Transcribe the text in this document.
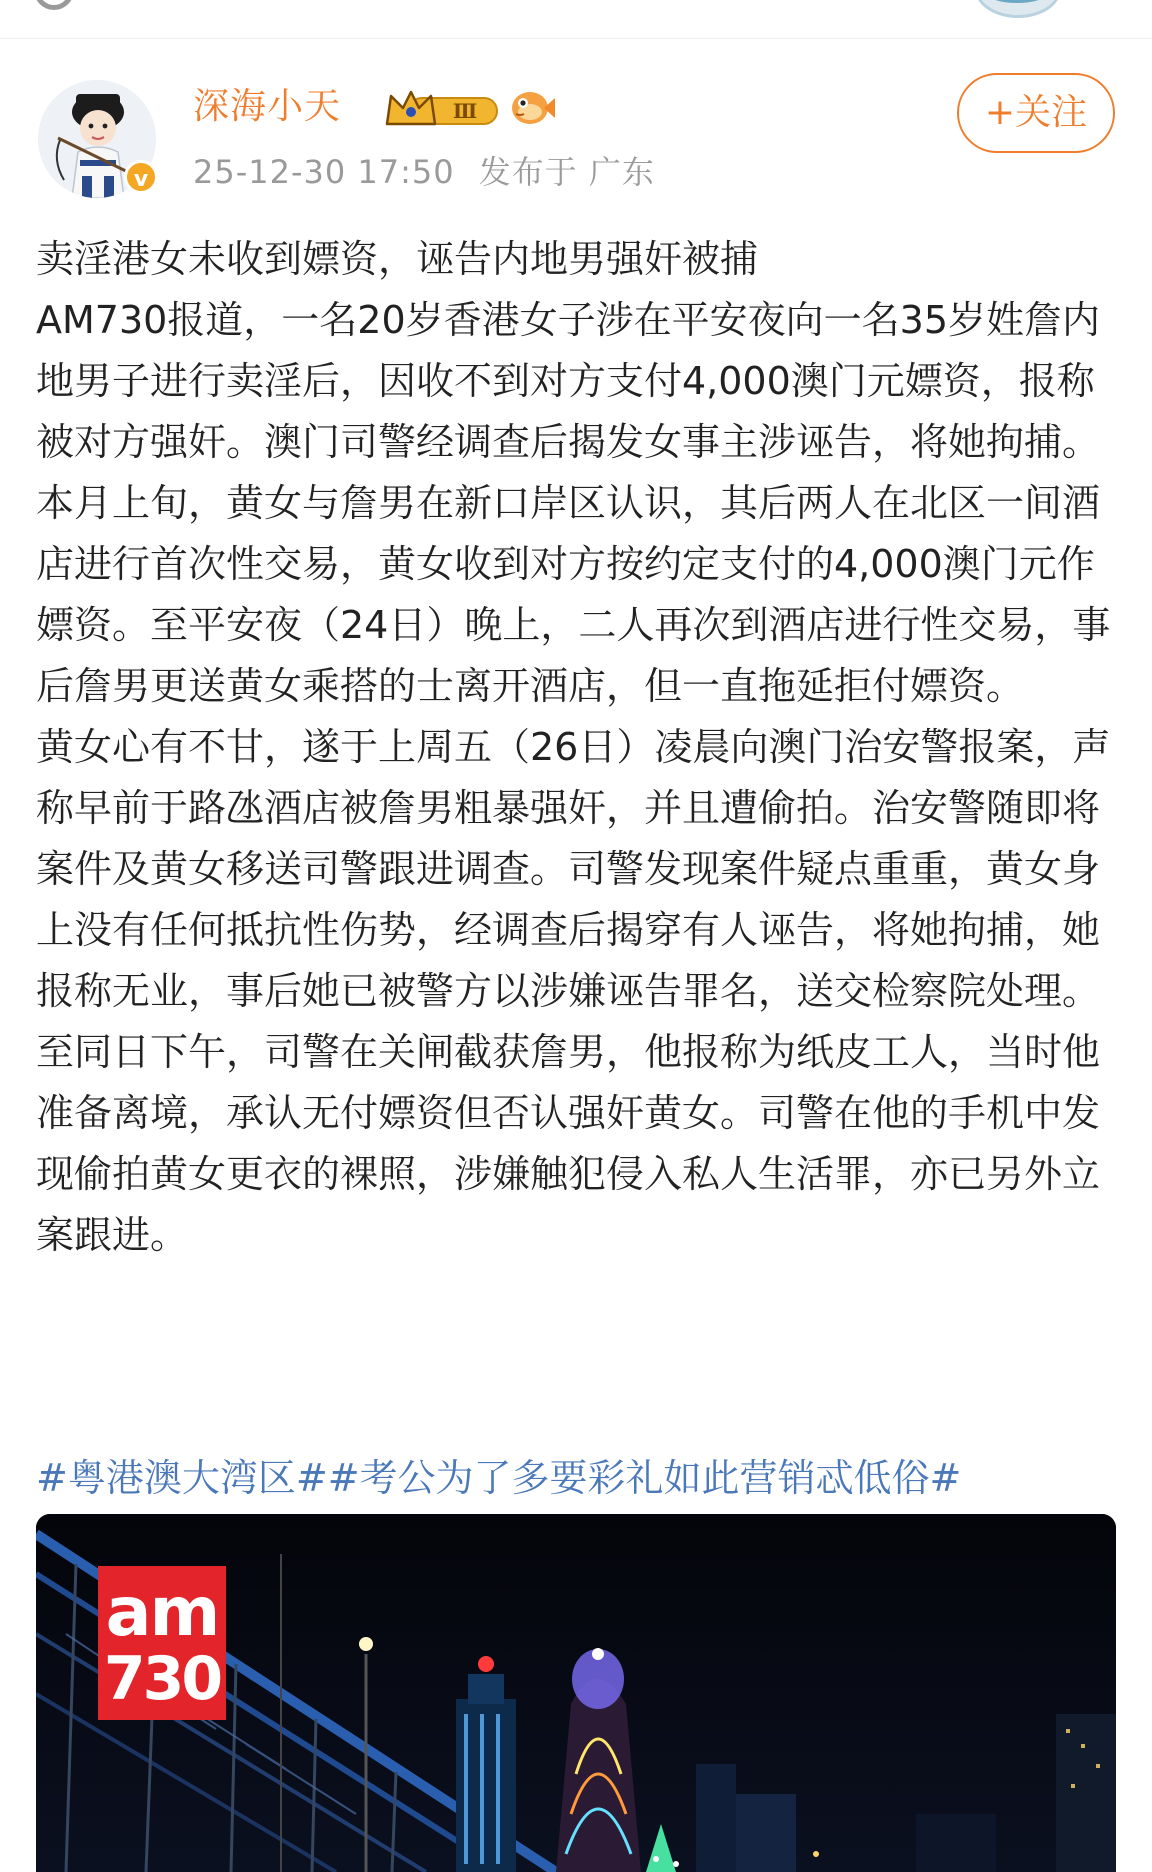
v
深海小天	Ⅲ
25-12-30 17:50 发布于 广东
+关注

卖淫港女未收到嫖资，诬告内地男强奸被捕

AM730报道，一名20岁香港女子涉在平安夜向一名35岁姓詹内地男子进行卖淫后，因收不到对方支付4,000澳门元嫖资，报称被对方强奸。澳门司警经调查后揭发女事主涉诬告，将她拘捕。

本月上旬，黄女与詹男在新口岸区认识，其后两人在北区一间酒店进行首次性交易，黄女收到对方按约定支付的4,000澳门元作嫖资。至平安夜（24日）晚上，二人再次到酒店进行性交易，事后詹男更送黄女乘搭的士离开酒店，但一直拖延拒付嫖资。

黄女心有不甘，遂于上周五（26日）凌晨向澳门治安警报案，声称早前于路氹酒店被詹男粗暴强奸，并且遭偷拍。治安警随即将案件及黄女移送司警跟进调查。司警发现案件疑点重重，黄女身上没有任何抵抗性伤势，经调查后揭穿有人诬告，将她拘捕，她报称无业，事后她已被警方以涉嫌诬告罪名，送交检察院处理。至同日下午，司警在关闸截获詹男，他报称为纸皮工人，当时他准备离境，承认无付嫖资但否认强奸黄女。司警在他的手机中发现偷拍黄女更衣的裸照，涉嫌触犯侵入私人生活罪，亦已另外立案跟进。

#粤港澳大湾区##考公为了多要彩礼如此营销忒低俗#
am
730
